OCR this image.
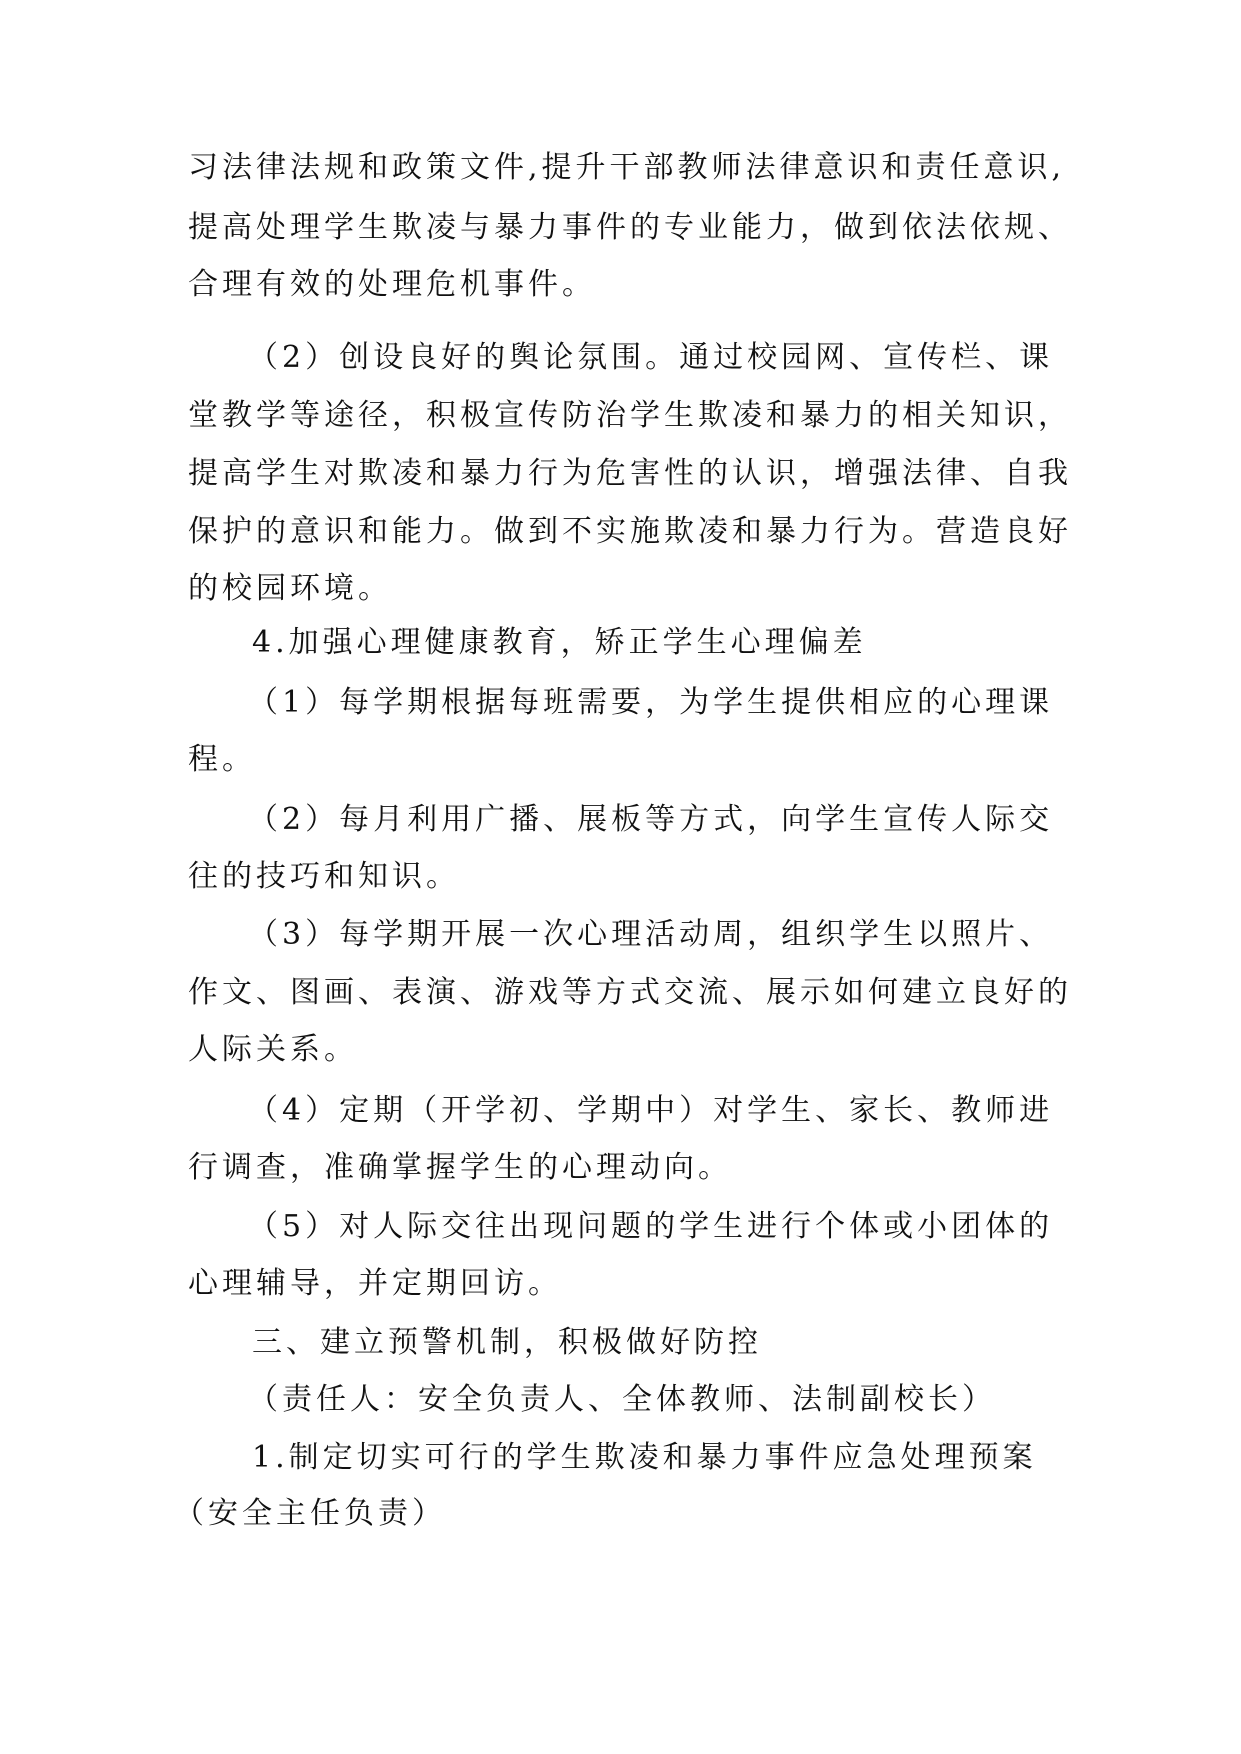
习法律法规和政策文件,提升干部教师法律意识和责任意识,
提高处理学生欺凌与暴力事件的专业能力，做到依法依规、
合理有效的处理危机事件。
（2）创设良好的舆论氛围。通过校园网、宣传栏、课
堂教学等途径，积极宣传防治学生欺凌和暴力的相关知识，
提高学生对欺凌和暴力行为危害性的认识，增强法律、自我
保护的意识和能力。做到不实施欺凌和暴力行为。营造良好
的校园环境。
4.加强心理健康教育，矫正学生心理偏差
（1）每学期根据每班需要，为学生提供相应的心理课
程。
（2）每月利用广播、展板等方式，向学生宣传人际交
往的技巧和知识。
（3）每学期开展一次心理活动周，组织学生以照片、
作文、图画、表演、游戏等方式交流、展示如何建立良好的
人际关系。
（4）定期（开学初、学期中）对学生、家长、教师进
行调查，准确掌握学生的心理动向。
（5）对人际交往出现问题的学生进行个体或小团体的
心理辅导，并定期回访。
三、建立预警机制，积极做好防控
（责任人：安全负责人、全体教师、法制副校长）
1.制定切实可行的学生欺凌和暴力事件应急处理预案
（安全主任负责）
